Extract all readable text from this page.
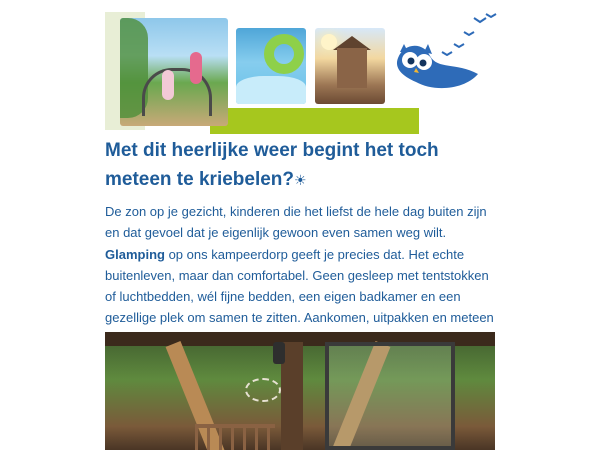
Met dit heerlijke weer begint het toch
meteen te kriebelen?☀

De zon op je gezicht, kinderen die het liefst de hele dag buiten zijn en dat gevoel dat je eigenlijk gewoon even samen weg wilt.

Glamping op ons kampeerdorp geeft je precies dat. Het echte buitenleven, maar dan comfortabel. Geen gesleep met tentstokken of luchtbedden, wél fijne bedden, een eigen badkamer en een gezellige plek om samen te zitten. Aankomen, uitpakken en meteen
